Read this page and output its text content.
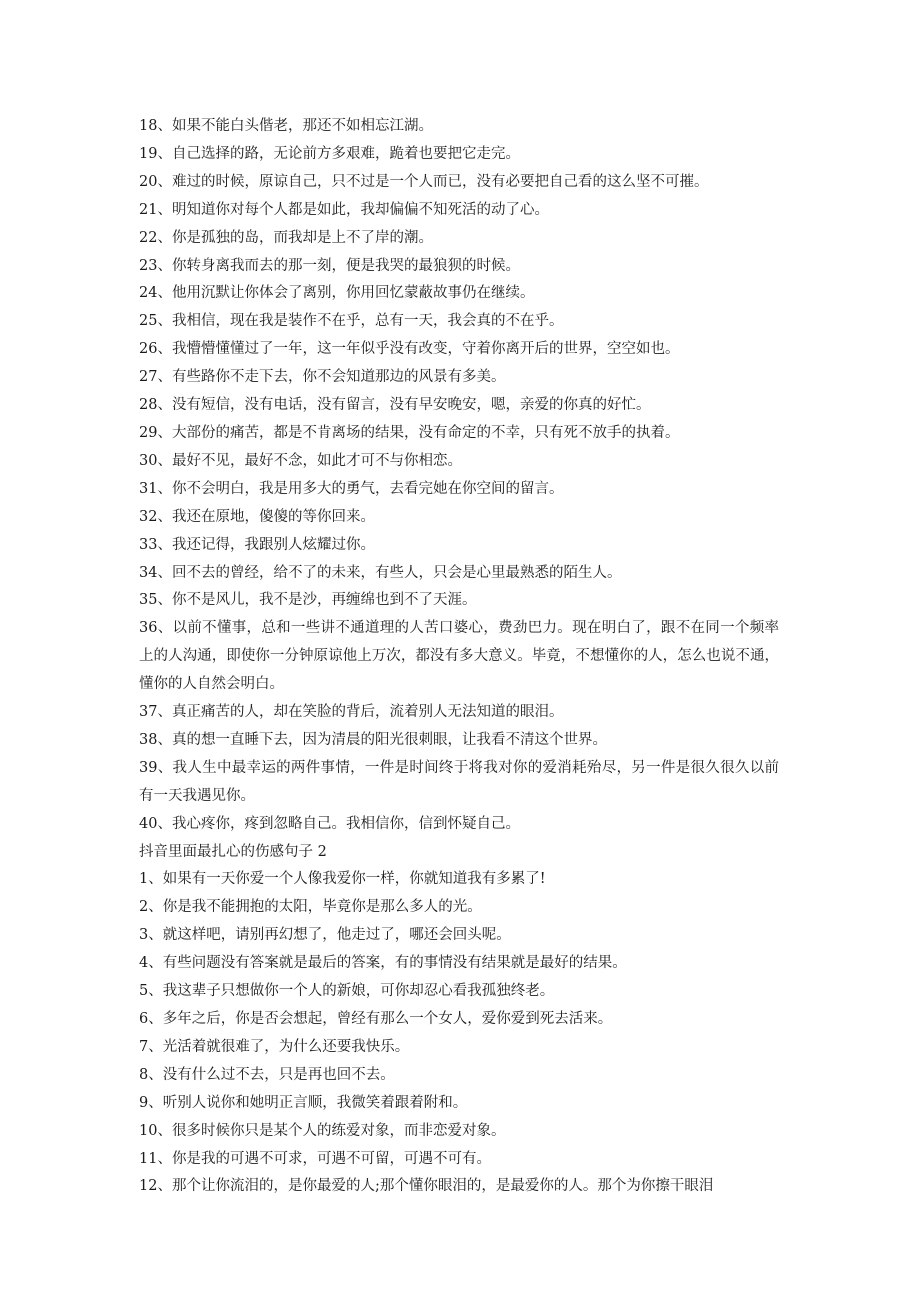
18、如果不能白头偕老，那还不如相忘江湖。

19、自己选择的路，无论前方多艰难，跪着也要把它走完。

20、难过的时候，原谅自己，只不过是一个人而已，没有必要把自己看的这么坚不可摧。

21、明知道你对每个人都是如此，我却偏偏不知死活的动了心。

22、你是孤独的岛，而我却是上不了岸的潮。

23、你转身离我而去的那一刻，便是我哭的最狼狈的时候。

24、他用沉默让你体会了离别，你用回忆蒙蔽故事仍在继续。

25、我相信，现在我是装作不在乎，总有一天，我会真的不在乎。

26、我懵懵懂懂过了一年，这一年似乎没有改变，守着你离开后的世界，空空如也。

27、有些路你不走下去，你不会知道那边的风景有多美。

28、没有短信，没有电话，没有留言，没有早安晚安，嗯，亲爱的你真的好忙。

29、大部份的痛苦，都是不肯离场的结果，没有命定的不幸，只有死不放手的执着。

30、最好不见，最好不念，如此才可不与你相恋。

31、你不会明白，我是用多大的勇气，去看完她在你空间的留言。

32、我还在原地，傻傻的等你回来。

33、我还记得，我跟别人炫耀过你。

34、回不去的曾经，给不了的未来，有些人，只会是心里最熟悉的陌生人。

35、你不是风儿，我不是沙，再缠绵也到不了天涯。

36、以前不懂事，总和一些讲不通道理的人苦口婆心，费劲巴力。现在明白了，跟不在同一个频率上的人沟通，即使你一分钟原谅他上万次，都没有多大意义。毕竟，不想懂你的人，怎么也说不通，懂你的人自然会明白。

37、真正痛苦的人，却在笑脸的背后，流着别人无法知道的眼泪。

38、真的想一直睡下去，因为清晨的阳光很刺眼，让我看不清这个世界。

39、我人生中最幸运的两件事情，一件是时间终于将我对你的爱消耗殆尽，另一件是很久很久以前有一天我遇见你。

40、我心疼你，疼到忽略自己。我相信你，信到怀疑自己。

抖音里面最扎心的伤感句子 2

1、如果有一天你爱一个人像我爱你一样，你就知道我有多累了!

2、你是我不能拥抱的太阳，毕竟你是那么多人的光。

3、就这样吧，请别再幻想了，他走过了，哪还会回头呢。

4、有些问题没有答案就是最后的答案，有的事情没有结果就是最好的结果。

5、我这辈子只想做你一个人的新娘，可你却忍心看我孤独终老。

6、多年之后，你是否会想起，曾经有那么一个女人，爱你爱到死去活来。

7、光活着就很难了，为什么还要我快乐。

8、没有什么过不去，只是再也回不去。

9、听别人说你和她明正言顺，我微笑着跟着附和。

10、很多时候你只是某个人的练爱对象，而非恋爱对象。

11、你是我的可遇不可求，可遇不可留，可遇不可有。

12、那个让你流泪的，是你最爱的人;那个懂你眼泪的，是最爱你的人。那个为你擦干眼泪
